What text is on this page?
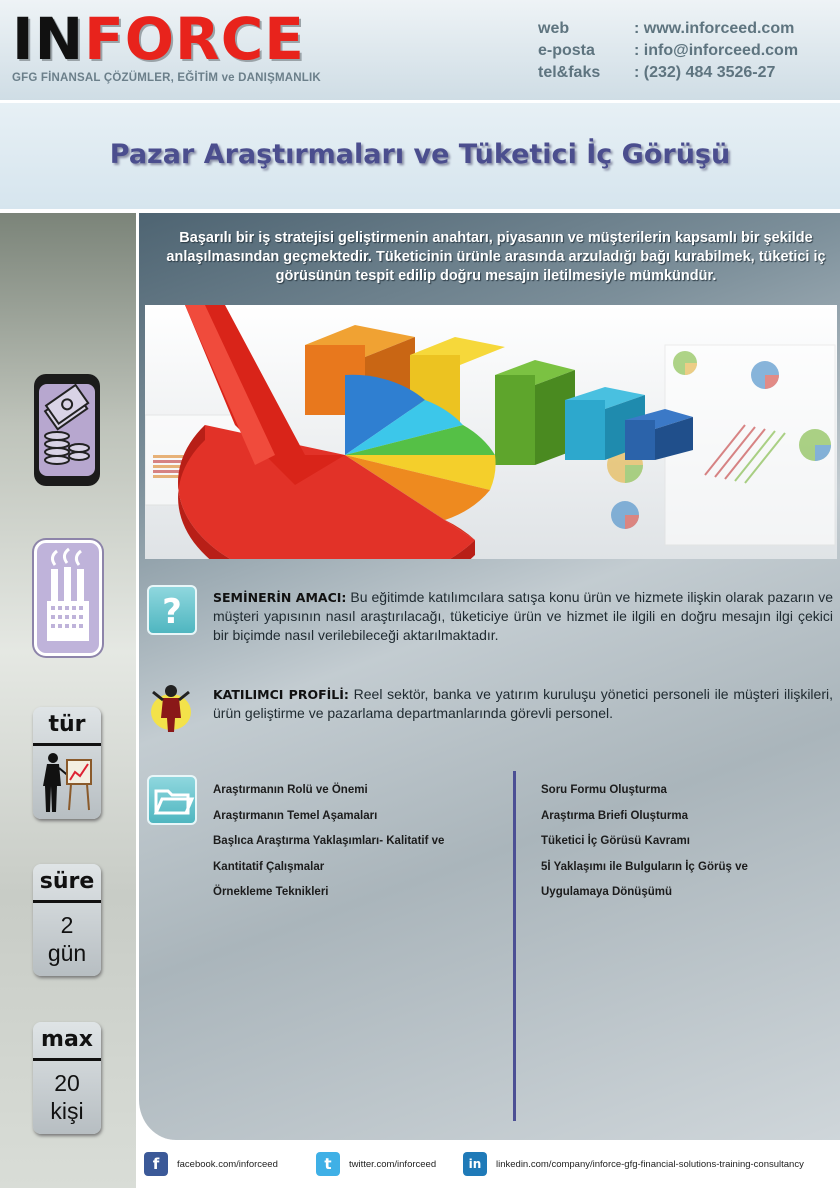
INFORCE
GFG FİNANSAL ÇÖZÜMLER, EĞİTİM ve DANIŞMANLIK
web	: www.inforceed.com
e-posta	: info@inforceed.com
tel&faks	: (232) 484 3526-27
Pazar Araştırmaları ve Tüketici İç Görüşü
tür
süre
2
gün
max
20
kişi

Başarılı bir iş stratejisi geliştirmenin anahtarı, piyasanın ve müşterilerin kapsamlı bir şekilde anlaşılmasından geçmektedir. Tüketicinin ürünle arasında arzuladığı bağı kurabilmek, tüketici iç görüsünün tespit edilip doğru mesajın iletilmesiyle mümkündür.

? SEMİNERİN AMACI: Bu eğitimde katılımcılara satışa konu ürün ve hizmete ilişkin olarak pazarın ve müşteri yapısının nasıl araştırılacağı, tüketiciye ürün ve hizmet ile ilgili en doğru mesajın ilgi çekici bir biçimde nasıl verilebileceği aktarılmaktadır.

KATILIMCI PROFİLİ: Reel sektör, banka ve yatırım kuruluşu yönetici personeli ile müşteri ilişkileri, ürün geliştirme ve pazarlama departmanlarında görevli personel.

Araştırmanın Rolü ve Önemi
Araştırmanın Temel Aşamaları
Başlıca Araştırma Yaklaşımları- Kalitatif ve
Kantitatif Çalışmalar
Örnekleme Teknikleri
Soru Formu Oluşturma
Araştırma Briefi Oluşturma
Tüketici İç Görüsü Kavramı
5İ Yaklaşımı ile Bulguların İç Görüş ve
Uygulamaya Dönüşümü
f	facebook.com/inforceed	t	twitter.com/inforceed	in	linkedin.com/company/inforce-gfg-financial-solutions-training-consultancy
